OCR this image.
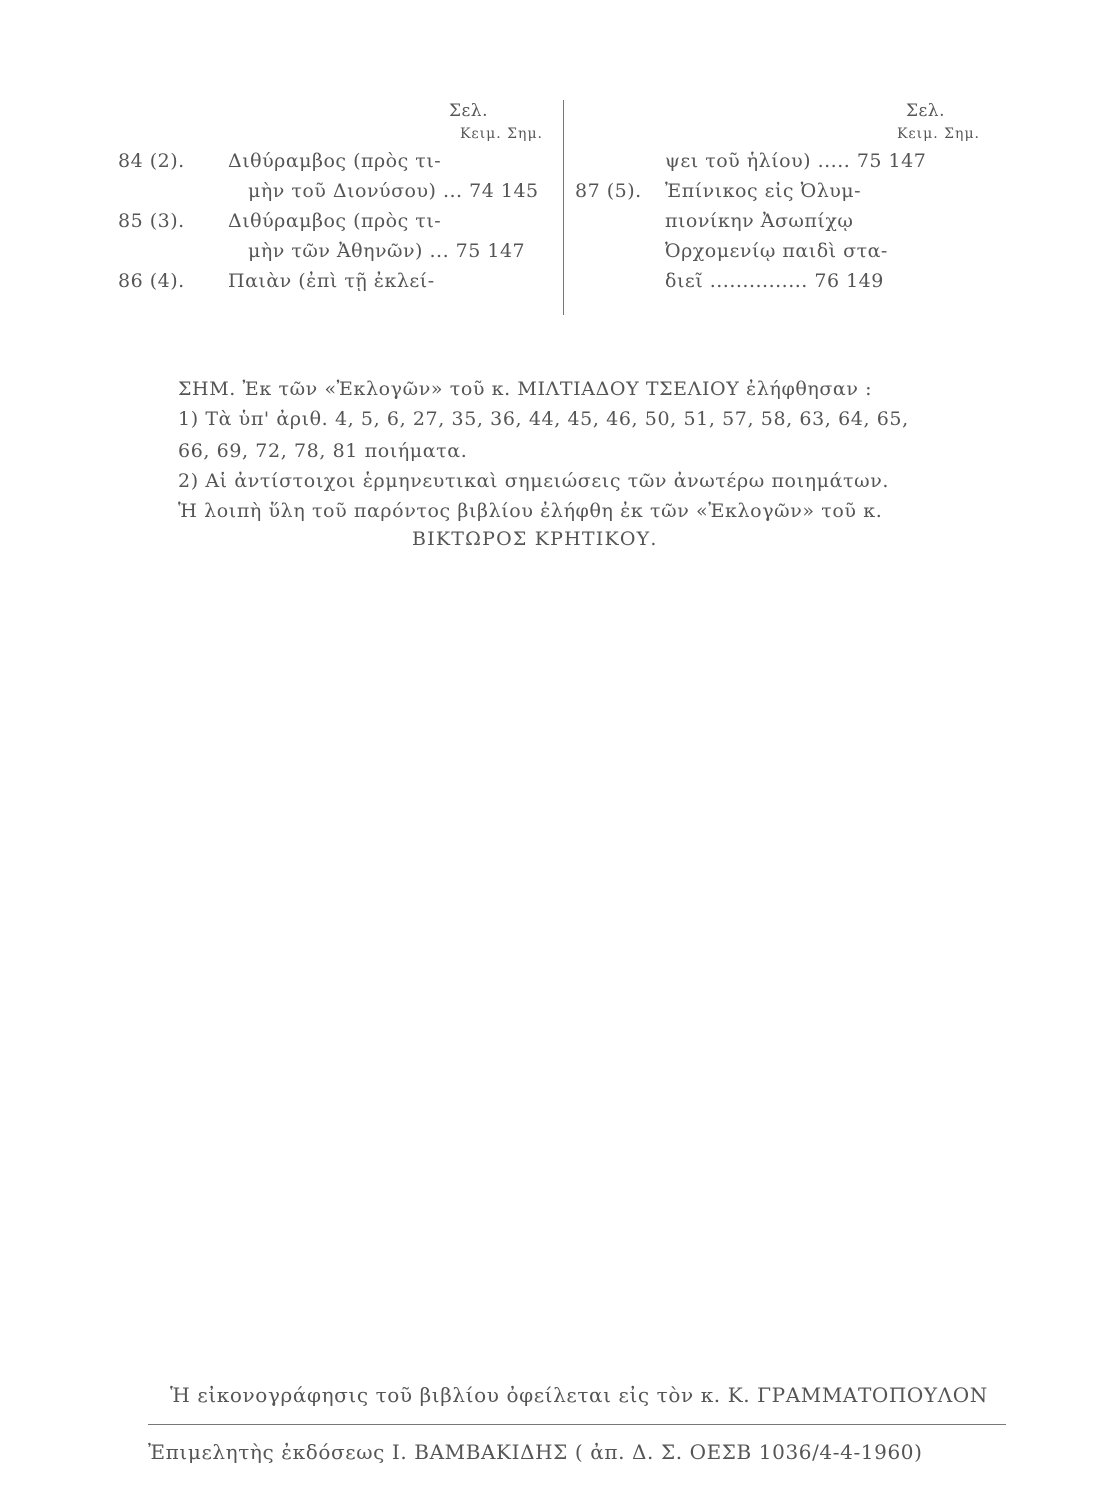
Σελ.
Κειμ. Σημ.
84 (2). Διθύραμβος (πρὸς τι-
μὴν τοῦ Διονύσου) ... 74 145
85 (3). Διθύραμβος (πρὸς τι-
μὴν τῶν Ἀθηνῶν) ... 75 147
86 (4). Παιὰν (ἐπὶ τῇ ἐκλεί-
Σελ.
Κειμ. Σημ.
ψει τοῦ ἡλίου) ..... 75 147
87 (5). Ἐπίνικος εἰς Ὀλυμ-
πιονίκην Ἀσωπίχῳ
Ὀρχομενίῳ παιδὶ στα-
διεῖ ............... 76 149
ΣΗΜ. Ἐκ τῶν «Ἐκλογῶν» τοῦ κ. ΜΙΛΤΙΑΔΟΥ ΤΣΕΛΙΟΥ ἐλήφθησαν :
1) Τὰ ὑπ' ἀριθ. 4, 5, 6, 27, 35, 36, 44, 45, 46, 50, 51, 57, 58, 63, 64, 65,
66, 69, 72, 78, 81 ποιήματα.
2) Αἱ ἀντίστοιχοι ἑρμηνευτικαὶ σημειώσεις τῶν ἀνωτέρω ποιημάτων.
Ἡ λοιπὴ ὕλη τοῦ παρόντος βιβλίου ἐλήφθη ἐκ τῶν «Ἐκλογῶν» τοῦ κ.
ΒΙΚΤΩΡΟΣ ΚΡΗΤΙΚΟΥ.
Ἡ εἰκονογράφησις τοῦ βιβλίου ὀφείλεται εἰς τὸν κ. Κ. ΓΡΑΜΜΑΤΟΠΟΥΛΟΝ
Ἐπιμελητὴς ἐκδόσεως Ι. ΒΑΜΒΑΚΙΔΗΣ ( ἀπ. Δ. Σ. ΟΕΣΒ 1036/4-4-1960)
